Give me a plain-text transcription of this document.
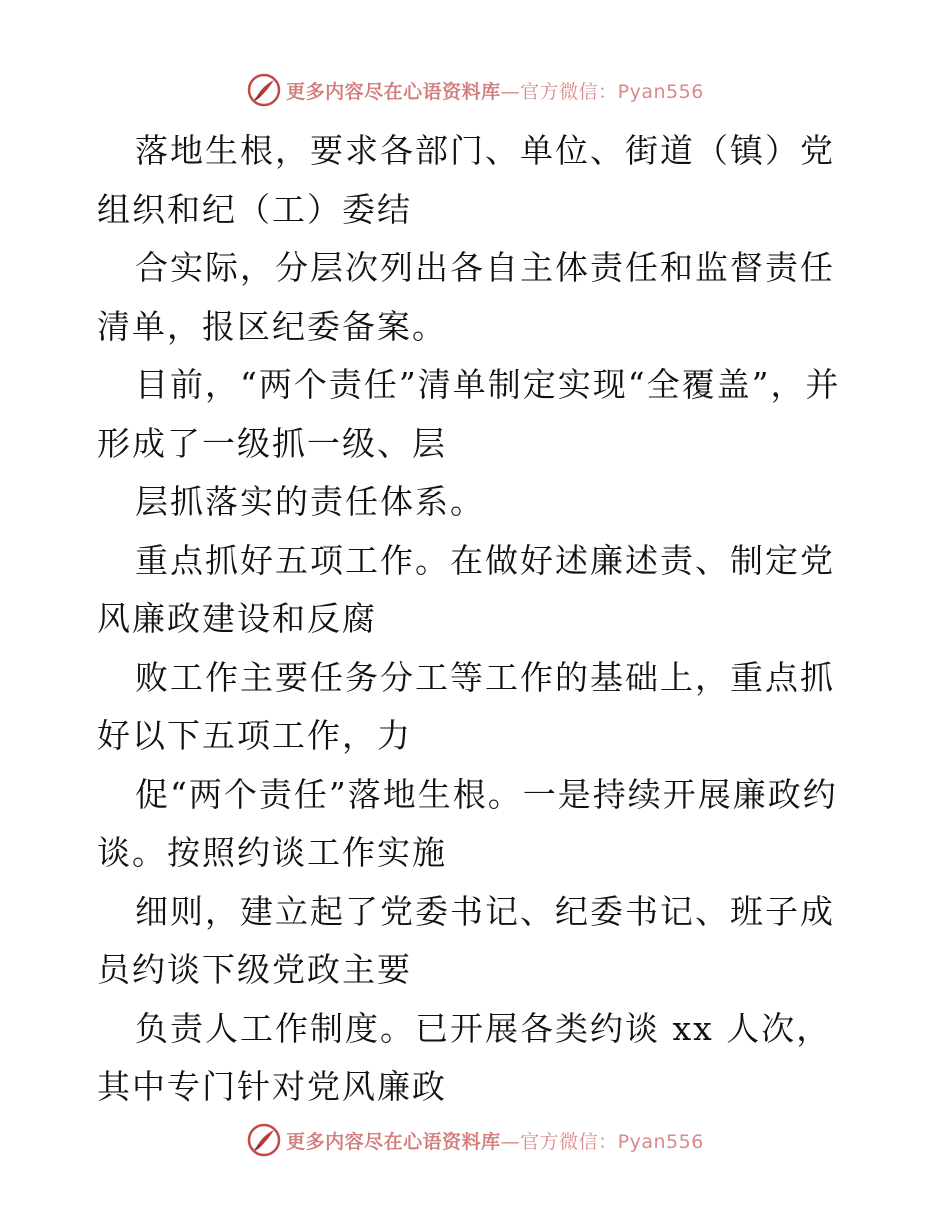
更多内容尽在心语资料库—官方微信：Pyan556

落地生根，要求各部门、单位、街道（镇）党组织和纪（工）委结

合实际，分层次列出各自主体责任和监督责任清单，报区纪委备案。

目前，“两个责任”清单制定实现“全覆盖”，并形成了一级抓一级、层

层抓落实的责任体系。

重点抓好五项工作。在做好述廉述责、制定党风廉政建设和反腐

败工作主要任务分工等工作的基础上，重点抓好以下五项工作，力

促“两个责任”落地生根。一是持续开展廉政约谈。按照约谈工作实施

细则，建立起了党委书记、纪委书记、班子成员约谈下级党政主要

负责人工作制度。已开展各类约谈 xx 人次，其中专门针对党风廉政

更多内容尽在心语资料库—官方微信：Pyan556
